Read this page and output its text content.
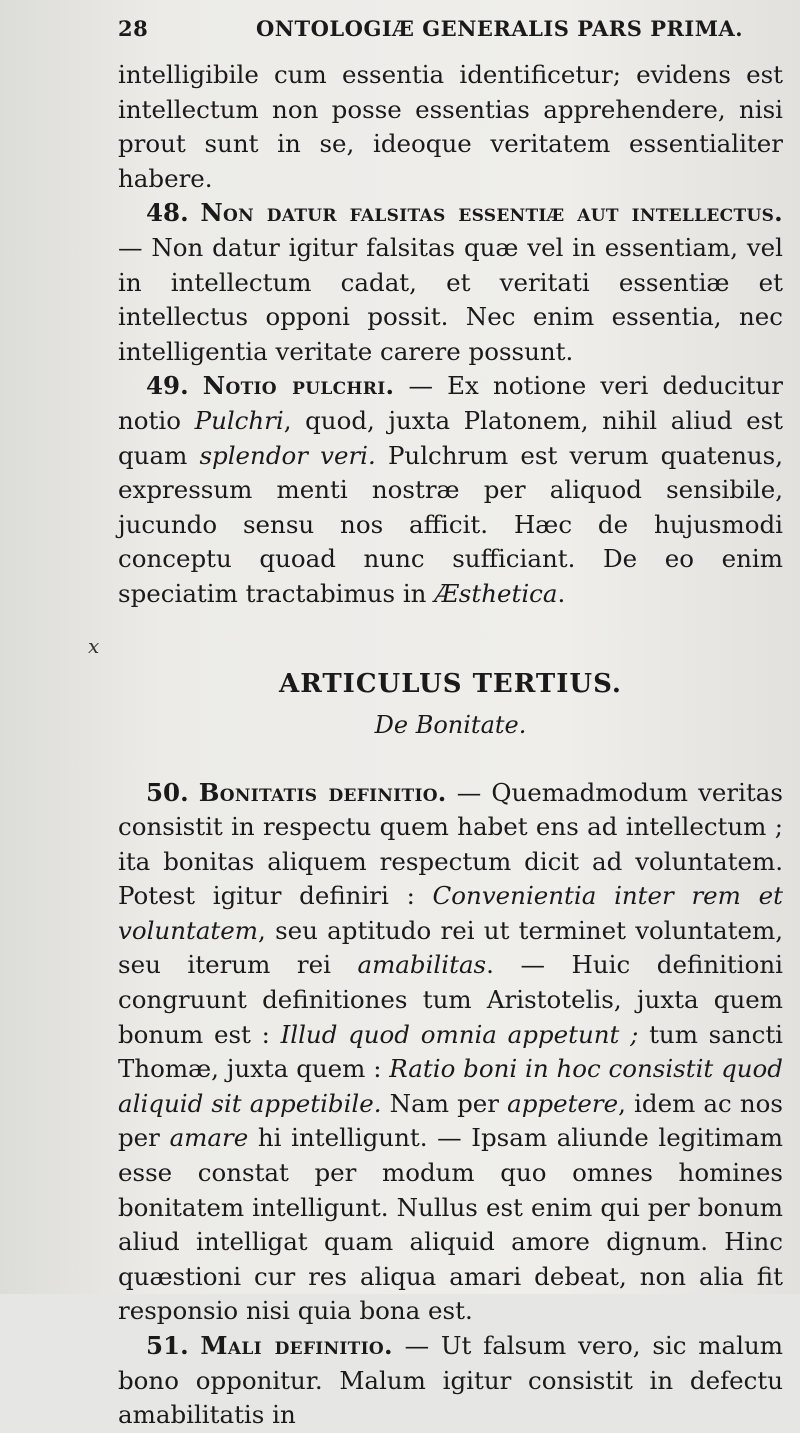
28	ONTOLOGIÆ GENERALIS PARS PRIMA.
x

intelligibile cum essentia identificetur; evidens est intellectum non posse essentias apprehendere, nisi prout sunt in se, ideoque veritatem essentialiter habere.

48. Non datur falsitas essentiæ aut intellectus. — Non datur igitur falsitas quæ vel in essentiam, vel in intellectum cadat, et veritati essentiæ et intellectus opponi possit. Nec enim essentia, nec intelligentia veritate carere possunt.

49. Notio pulchri. — Ex notione veri deducitur notio Pulchri, quod, juxta Platonem, nihil aliud est quam splendor veri. Pulchrum est verum quatenus, expressum menti nostræ per aliquod sensibile, jucundo sensu nos afficit. Hæc de hujusmodi conceptu quoad nunc sufficiant. De eo enim speciatim tractabimus in Æsthetica.

ARTICULUS TERTIUS.
De Bonitate.

50. Bonitatis definitio. — Quemadmodum veritas consistit in respectu quem habet ens ad intellectum ; ita bonitas aliquem respectum dicit ad voluntatem. Potest igitur definiri : Convenientia inter rem et voluntatem, seu aptitudo rei ut terminet voluntatem, seu iterum rei amabilitas. — Huic definitioni congruunt definitiones tum Aristotelis, juxta quem bonum est : Illud quod omnia appetunt ; tum sancti Thomæ, juxta quem : Ratio boni in hoc consistit quod aliquid sit appetibile. Nam per appetere, idem ac nos per amare hi intelligunt. — Ipsam aliunde legitimam esse constat per modum quo omnes homines bonitatem intelligunt. Nullus est enim qui per bonum aliud intelligat quam aliquid amore dignum. Hinc quæstioni cur res aliqua amari debeat, non alia fit responsio nisi quia bona est.

51. Mali definitio. — Ut falsum vero, sic malum bono opponitur. Malum igitur consistit in defectu amabilitatis in
